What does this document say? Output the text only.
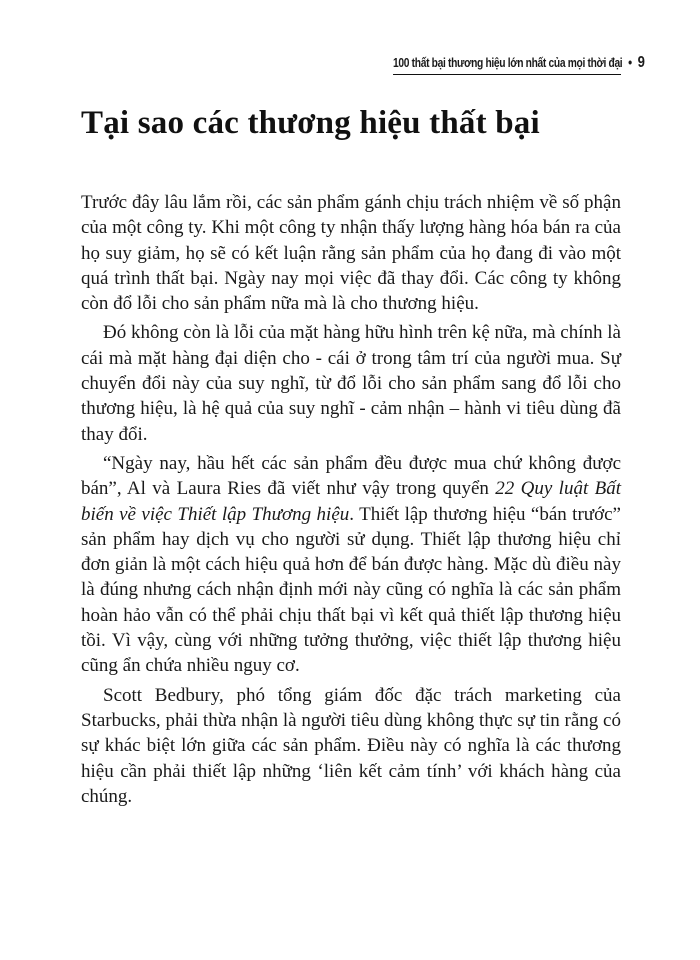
100 thất bại thương hiệu lớn nhất của mọi thời đại • 9
Tại sao các thương hiệu thất bại

Trước đây lâu lắm rồi, các sản phẩm gánh chịu trách nhiệm về số phận của một công ty. Khi một công ty nhận thấy lượng hàng hóa bán ra của họ suy giảm, họ sẽ có kết luận rằng sản phẩm của họ đang đi vào một quá trình thất bại. Ngày nay mọi việc đã thay đổi. Các công ty không còn đổ lỗi cho sản phẩm nữa mà là cho thương hiệu.

Đó không còn là lỗi của mặt hàng hữu hình trên kệ nữa, mà chính là cái mà mặt hàng đại diện cho - cái ở trong tâm trí của người mua. Sự chuyển đổi này của suy nghĩ, từ đổ lỗi cho sản phẩm sang đổ lỗi cho thương hiệu, là hệ quả của suy nghĩ - cảm nhận – hành vi tiêu dùng đã thay đổi.

“Ngày nay, hầu hết các sản phẩm đều được mua chứ không được bán”, Al và Laura Ries đã viết như vậy trong quyển 22 Quy luật Bất biến về việc Thiết lập Thương hiệu. Thiết lập thương hiệu “bán trước” sản phẩm hay dịch vụ cho người sử dụng. Thiết lập thương hiệu chỉ đơn giản là một cách hiệu quả hơn để bán được hàng. Mặc dù điều này là đúng nhưng cách nhận định mới này cũng có nghĩa là các sản phẩm hoàn hảo vẫn có thể phải chịu thất bại vì kết quả thiết lập thương hiệu tồi. Vì vậy, cùng với những tưởng thưởng, việc thiết lập thương hiệu cũng ẩn chứa nhiều nguy cơ.

Scott Bedbury, phó tổng giám đốc đặc trách marketing của Starbucks, phải thừa nhận là người tiêu dùng không thực sự tin rằng có sự khác biệt lớn giữa các sản phẩm. Điều này có nghĩa là các thương hiệu cần phải thiết lập những ‘liên kết cảm tính’ với khách hàng của chúng.
